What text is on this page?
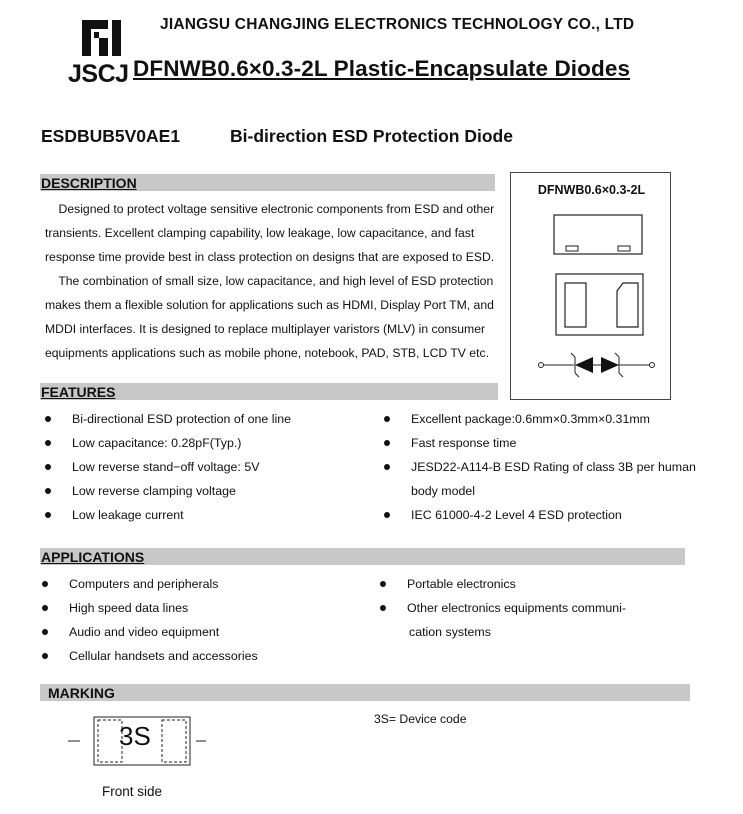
JIANGSU CHANGJING ELECTRONICS TECHNOLOGY CO., LTD
JSCJ DFNWB0.6×0.3-2L Plastic-Encapsulate Diodes
ESDBUB5V0AE1	Bi-direction ESD Protection Diode
DESCRIPTION
Designed to protect voltage sensitive electronic components from ESD and other
transients. Excellent clamping capability, low leakage, low capacitance, and fast
response time provide best in class protection on designs that are exposed to ESD.
The combination of small size, low capacitance, and high level of ESD protection
makes them a flexible solution for applications such as HDMI, Display Port TM, and
MDDI interfaces. It is designed to replace multiplayer varistors (MLV) in consumer
equipments applications such as mobile phone, notebook, PAD, STB, LCD TV etc.
DFNWB0.6×0.3-2L
FEATURES
Bi-directional ESD protection of one line
Low capacitance: 0.28pF(Typ.)
Low reverse stand−off voltage: 5V
Low reverse clamping voltage
Low leakage current
Excellent package:0.6mm×0.3mm×0.31mm
Fast response time
JESD22-A114-B ESD Rating of class 3B per human
body model
IEC 61000-4-2 Level 4 ESD protection
APPLICATIONS
Computers and peripherals
High speed data lines
Audio and video equipment
Cellular handsets and accessories
Portable electronics
Other electronics equipments communi-
cation systems
MARKING
3S
3S= Device code
Front side
